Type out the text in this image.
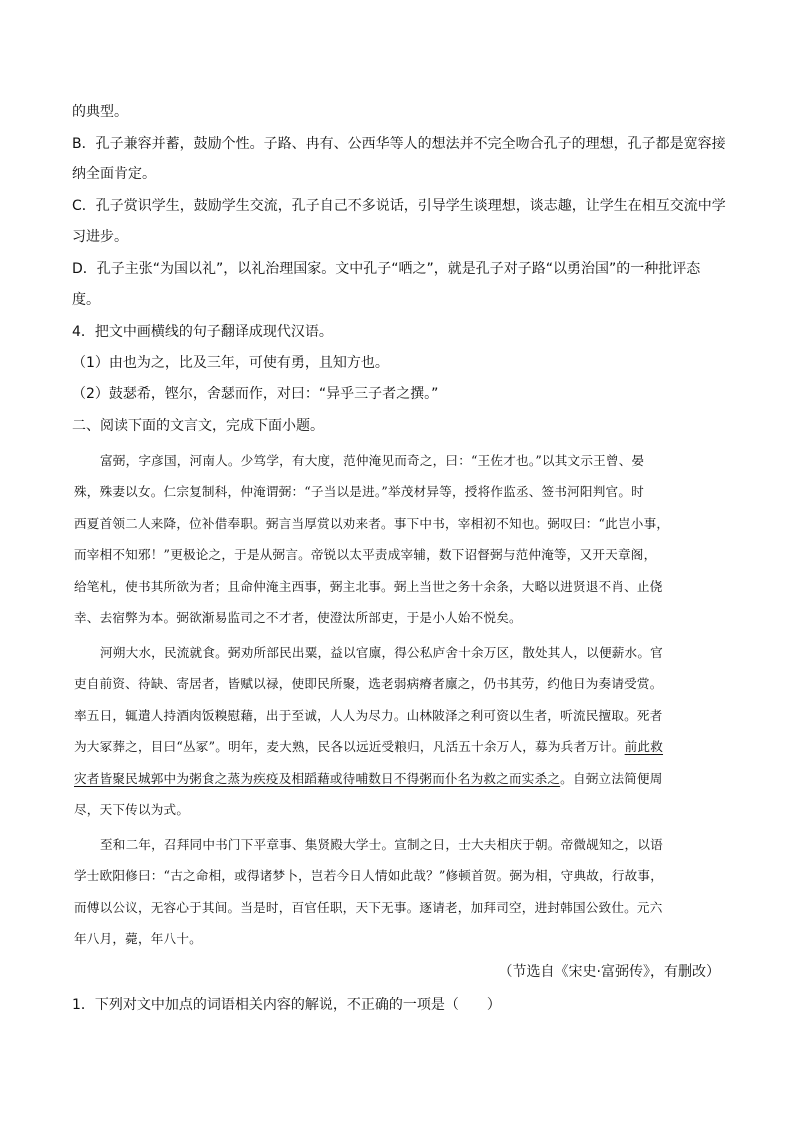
的典型。
B．孔子兼容并蓄，鼓励个性。子路、冉有、公西华等人的想法并不完全吻合孔子的理想，孔子都是宽容接
纳全面肯定。
C．孔子赏识学生，鼓励学生交流，孔子自己不多说话，引导学生谈理想，谈志趣，让学生在相互交流中学
习进步。
D．孔子主张“为国以礼”，以礼治理国家。文中孔子“哂之”，就是孔子对子路“以勇治国”的一种批评态
度。
4．把文中画横线的句子翻译成现代汉语。
（1）由也为之，比及三年，可使有勇，且知方也。
（2）鼓瑟希，铿尔，舍瑟而作，对曰：“异乎三子者之撰。”
二、阅读下面的文言文，完成下面小题。
富弼，字彦国，河南人。少笃学，有大度，范仲淹见而奇之，曰：“王佐才也。”以其文示王曾、晏
殊，殊妻以女。仁宗复制科，仲淹谓弼：“子当以是进。”举茂材异等，授将作监丞、签书河阳判官。时
西夏首领二人来降，位补借奉职。弼言当厚赏以劝来者。事下中书，宰相初不知也。弼叹曰：“此岂小事，
而宰相不知邪！”更极论之，于是从弼言。帝锐以太平责成宰辅，数下诏督弼与范仲淹等，又开天章阁，
给笔札，使书其所欲为者；且命仲淹主西事，弼主北事。弼上当世之务十余条，大略以进贤退不肖、止侥
幸、去宿弊为本。弼欲渐易监司之不才者，使澄汰所部吏，于是小人始不悦矣。
河朔大水，民流就食。弼劝所部民出粟，益以官廪，得公私庐舍十余万区，散处其人，以便薪水。官
吏自前资、待缺、寄居者，皆赋以禄，使即民所聚，选老弱病瘠者廪之，仍书其劳，约他日为奏请受赏。
率五日，辄遣人持酒肉饭糗慰藉，出于至诚，人人为尽力。山林陂泽之利可资以生者，听流民擅取。死者
为大冢葬之，目曰“丛冢”。明年，麦大熟，民各以远近受粮归，凡活五十余万人，募为兵者万计。前此救
灾者皆聚民城郭中为粥食之蒸为疾疫及相蹈藉或待哺数日不得粥而仆名为救之而实杀之。自弼立法简便周
尽，天下传以为式。
至和二年，召拜同中书门下平章事、集贤殿大学士。宣制之日，士大夫相庆于朝。帝微觇知之，以语
学士欧阳修曰：“古之命相，或得诸梦卜，岂若今日人情如此哉？”修顿首贺。弼为相，守典故，行故事，
而傅以公议，无容心于其间。当是时，百官任职，天下无事。逐请老，加拜司空，进封韩国公致仕。元六
年八月，薨，年八十。
（节选自《宋史·富弼传》，有删改）
1．下列对文中加点的词语相关内容的解说，不正确的一项是（　　）
